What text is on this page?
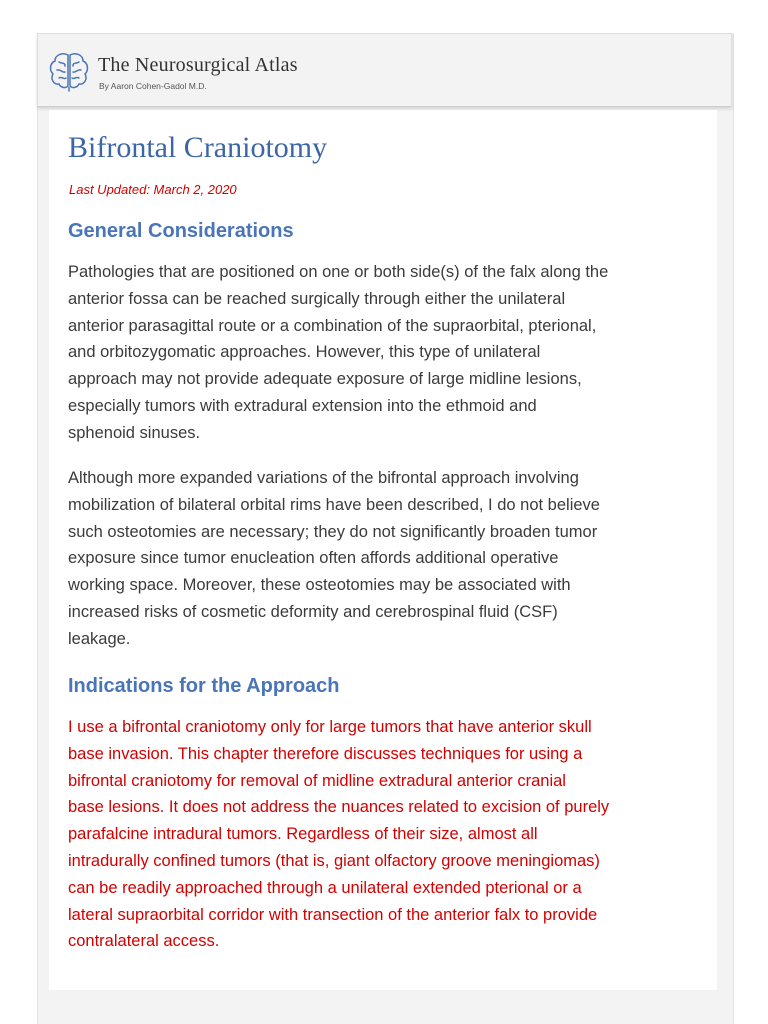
The Neurosurgical Atlas
By Aaron Cohen-Gadol M.D.
Bifrontal Craniotomy
Last Updated: March 2, 2020
General Considerations

Pathologies that are positioned on one or both side(s) of the falx along the
anterior fossa can be reached surgically through either the unilateral
anterior parasagittal route or a combination of the supraorbital, pterional,
and orbitozygomatic approaches. However, this type of unilateral
approach may not provide adequate exposure of large midline lesions,
especially tumors with extradural extension into the ethmoid and
sphenoid sinuses.

Although more expanded variations of the bifrontal approach involving
mobilization of bilateral orbital rims have been described, I do not believe
such osteotomies are necessary; they do not significantly broaden tumor
exposure since tumor enucleation often affords additional operative
working space. Moreover, these osteotomies may be associated with
increased risks of cosmetic deformity and cerebrospinal fluid (CSF)
leakage.

Indications for the Approach

I use a bifrontal craniotomy only for large tumors that have anterior skull
base invasion. This chapter therefore discusses techniques for using a
bifrontal craniotomy for removal of midline extradural anterior cranial
base lesions. It does not address the nuances related to excision of purely
parafalcine intradural tumors. Regardless of their size, almost all
intradurally confined tumors (that is, giant olfactory groove meningiomas)
can be readily approached through a unilateral extended pterional or a
lateral supraorbital corridor with transection of the anterior falx to provide
contralateral access.
